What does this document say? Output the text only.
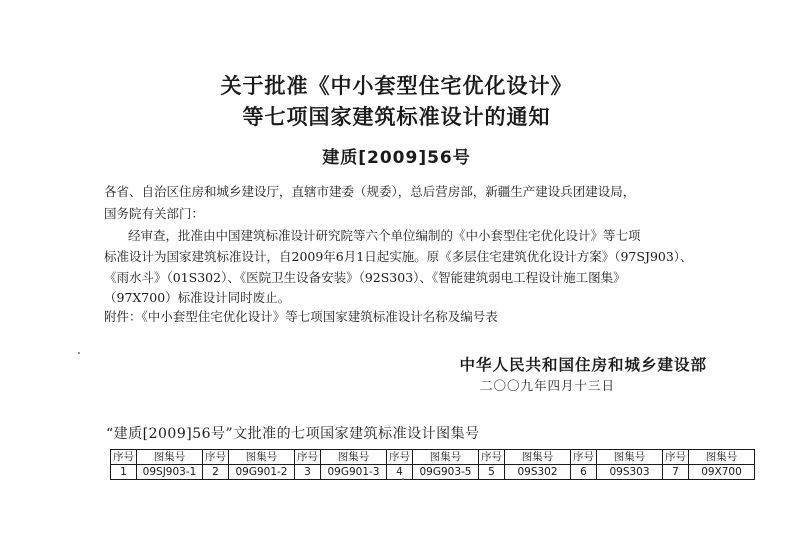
关于批准《中小套型住宅优化设计》
等七项国家建筑标准设计的通知
建质[2009]56号
各省、自治区住房和城乡建设厅，直辖市建委（规委），总后营房部，新疆生产建设兵团建设局，
国务院有关部门：
经审查，批准由中国建筑标准设计研究院等六个单位编制的《中小套型住宅优化设计》等七项
标准设计为国家建筑标准设计，自2009年6月1日起实施。原《多层住宅建筑优化设计方案》（97SJ903）、
《雨水斗》（01S302）、《医院卫生设备安装》（92S303）、《智能建筑弱电工程设计施工图集》
（97X700）标准设计同时废止。
附件：《中小套型住宅优化设计》等七项国家建筑标准设计名称及编号表
中华人民共和国住房和城乡建设部
二〇〇九年四月十三日
“建质[2009]56号”文批准的七项国家建筑标准设计图集号
序号	图集号	序号	图集号	序号	图集号	序号	图集号	序号	图集号	序号	图集号	序号	图集号
1	09SJ903-1	2	09G901-2	3	09G901-3	4	09G903-5	5	09S302	6	09S303	7	09X700
